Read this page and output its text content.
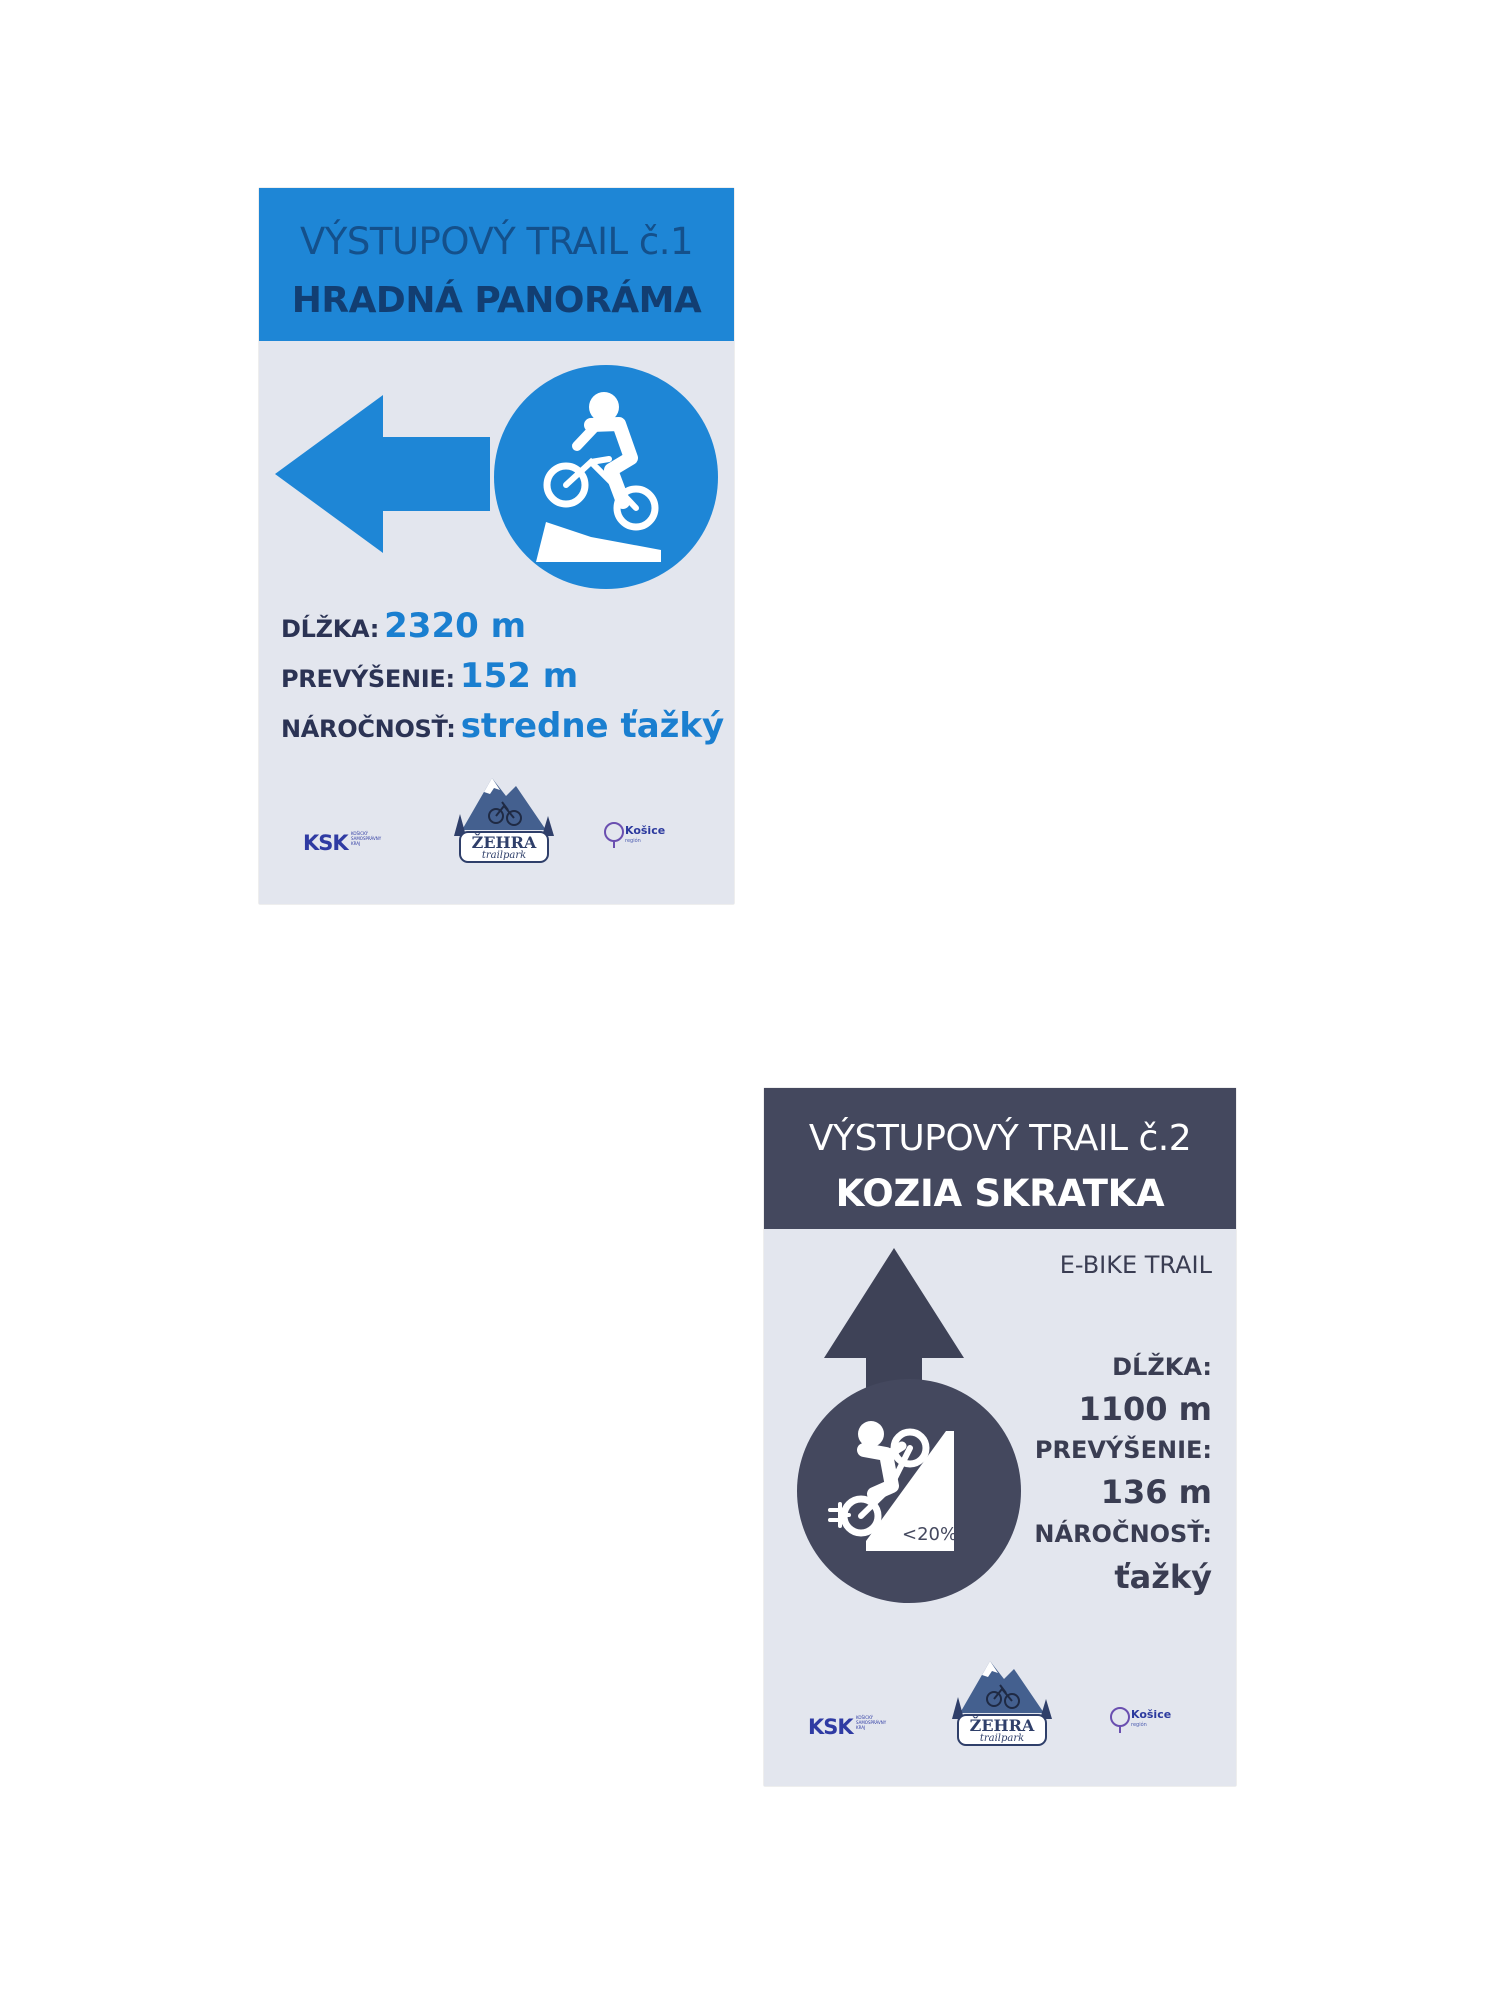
VÝSTUPOVÝ TRAIL č.1
HRADNÁ PANORÁMA
DĹŽKA: 2320 m
PREVÝŠENIE: 152 m
NÁROČNOSŤ: stredne ťažký
KSK KOŠICKÝ
SAMOSPRÁVNY
KRAJ	ŽEHRA
trailpark
Košice
región
VÝSTUPOVÝ TRAIL č.2
KOZIA SKRATKA
E-BIKE TRAIL
<20%
DĹŽKA:
1100 m
PREVÝŠENIE:
136 m
NÁROČNOSŤ:
ťažký
KSK KOŠICKÝ
SAMOSPRÁVNY
KRAJ	ŽEHRA
trailpark
Košice
región
